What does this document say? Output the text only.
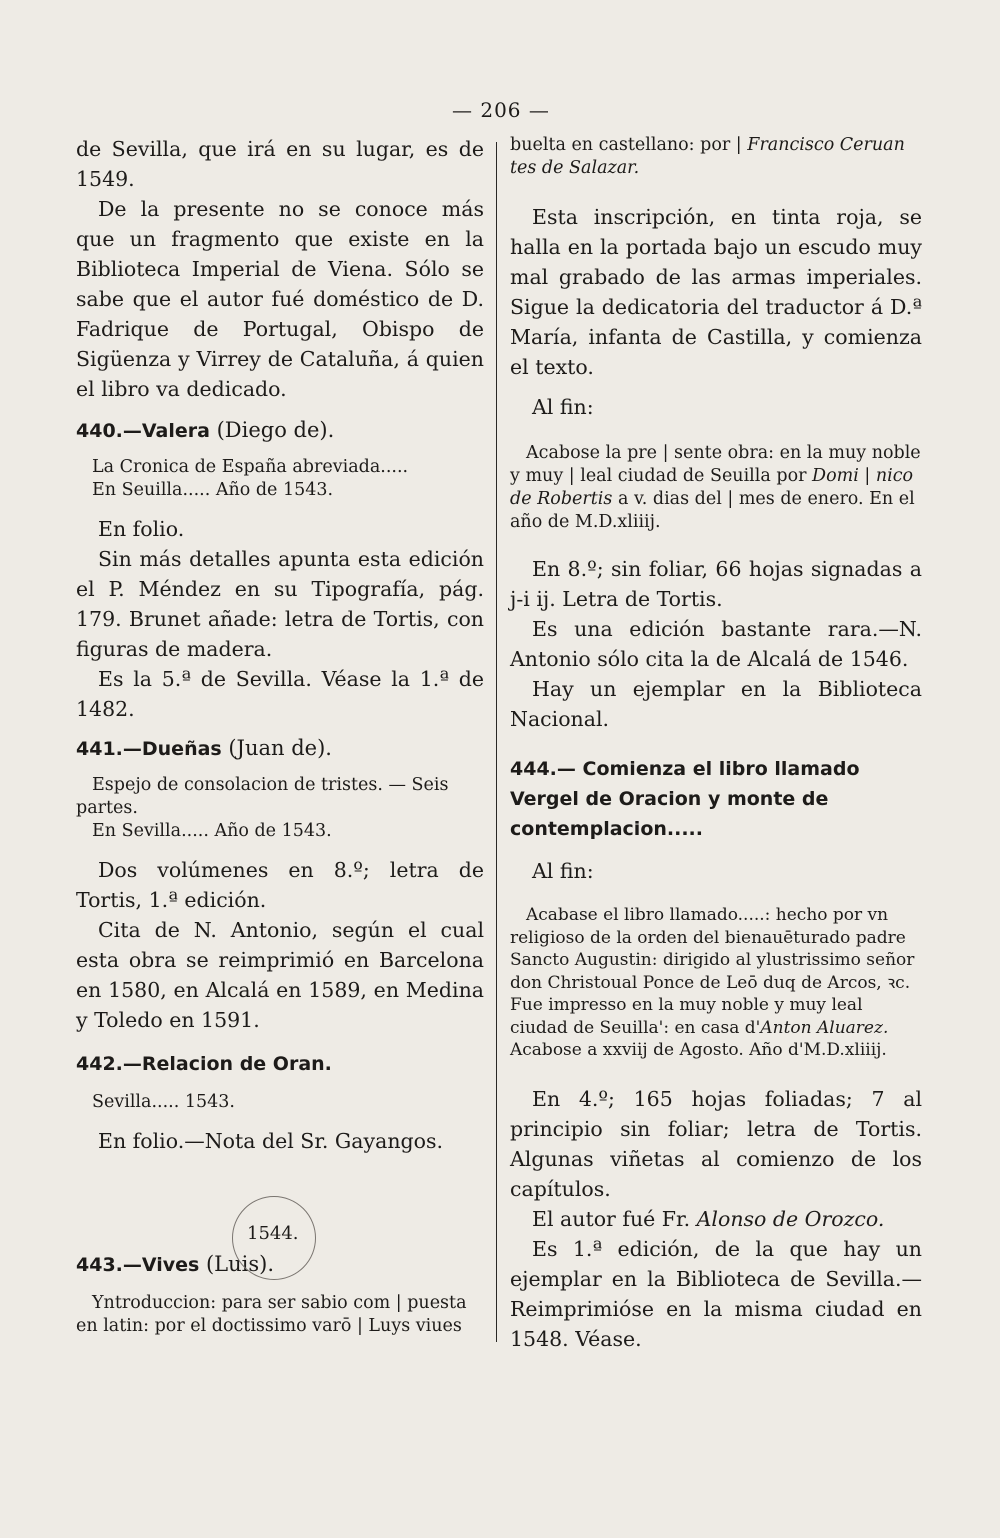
— 206 —

de Sevilla, que irá en su lugar, es de 1549.

De la presente no se conoce más que un fragmento que existe en la Biblioteca Imperial de Viena. Sólo se sabe que el autor fué doméstico de D. Fadrique de Portugal, Obispo de Sigüenza y Virrey de Cataluña, á quien el libro va dedicado.

440.—Valera (Diego de).

La Cronica de España abreviada.....

En Seuilla..... Año de 1543.

En folio.

Sin más detalles apunta esta edición el P. Méndez en su Tipografía, pág. 179. Brunet añade: letra de Tortis, con figuras de madera.

Es la 5.ª de Sevilla. Véase la 1.ª de 1482.

441.—Dueñas (Juan de).

Espejo de consolacion de tristes. — Seis partes.

En Sevilla..... Año de 1543.

Dos volúmenes en 8.º; letra de Tortis, 1.ª edición.

Cita de N. Antonio, según el cual esta obra se reimprimió en Barcelona en 1580, en Alcalá en 1589, en Medina y Toledo en 1591.

442.—Relacion de Oran.

Sevilla..... 1543.

En folio.—Nota del Sr. Gayangos.

443.—Vives (Luis).

Yntroduccion: para ser sabio com | puesta en latin: por el doctissimo varō | Luys viues

1544.

buelta en castellano: por | Francisco Ceruan tes de Salazar.

Esta inscripción, en tinta roja, se halla en la portada bajo un escudo muy mal grabado de las armas imperiales. Sigue la dedicatoria del traductor á D.ª María, infanta de Castilla, y comienza el texto.

Al fin:

Acabose la pre | sente obra: en la muy noble y muy | leal ciudad de Seuilla por Domi | nico de Robertis a v. dias del | mes de enero. En el año de M.D.xliiij.

En 8.º; sin foliar, 66 hojas signadas a j-i ij. Letra de Tortis.

Es una edición bastante rara.—N. Antonio sólo cita la de Alcalá de 1546.

Hay un ejemplar en la Biblioteca Nacional.

444.— Comienza el libro llamado Vergel de Oracion y monte de contemplacion.....

Al fin:

Acabase el libro llamado.....: hecho por vn religioso de la orden del bienauēturado padre Sancto Augustin: dirigido al ylustrissimo señor don Christoual Ponce de Leō duq de Arcos, ꝛc. Fue impresso en la muy noble y muy leal ciudad de Seuilla': en casa d'Anton Aluarez. Acabose a xxviij de Agosto. Año d'M.D.xliiij.

En 4.º; 165 hojas foliadas; 7 al principio sin foliar; letra de Tortis. Algunas viñetas al comienzo de los capítulos.

El autor fué Fr. Alonso de Orozco.

Es 1.ª edición, de la que hay un ejemplar en la Biblioteca de Sevilla.—Reimprimióse en la misma ciudad en 1548. Véase.
